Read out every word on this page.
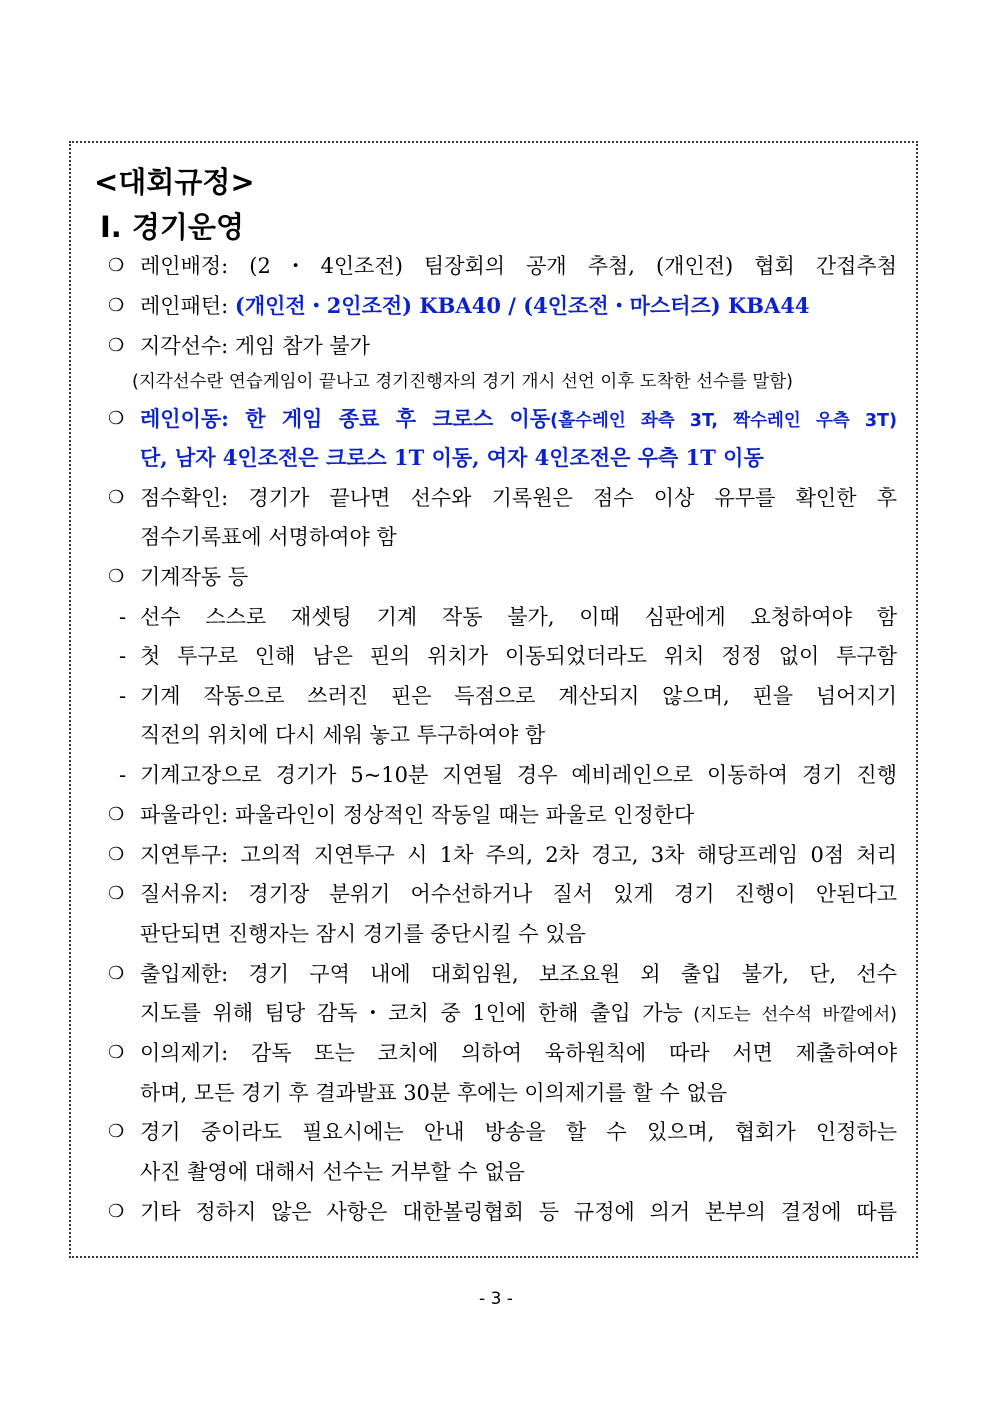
<대회규정>
Ⅰ. 경기운영
❍ 레인배정: (2・4인조전) 팀장회의 공개 추첨, (개인전) 협회 간접추첨
❍ 레인패턴: (개인전・2인조전) KBA40 / (4인조전・마스터즈) KBA44
❍ 지각선수: 게임 참가 불가
(지각선수란 연습게임이 끝나고 경기진행자의 경기 개시 선언 이후 도착한 선수를 말함)
❍ 레인이동: 한 게임 종료 후 크로스 이동(홀수레인 좌측 3T, 짝수레인 우측 3T)
단, 남자 4인조전은 크로스 1T 이동, 여자 4인조전은 우측 1T 이동
❍ 점수확인: 경기가 끝나면 선수와 기록원은 점수 이상 유무를 확인한 후
점수기록표에 서명하여야 함
❍ 기계작동 등
- 선수 스스로 재셋팅 기계 작동 불가, 이때 심판에게 요청하여야 함
- 첫 투구로 인해 남은 핀의 위치가 이동되었더라도 위치 정정 없이 투구함
- 기계 작동으로 쓰러진 핀은 득점으로 계산되지 않으며, 핀을 넘어지기
직전의 위치에 다시 세워 놓고 투구하여야 함
- 기계고장으로 경기가 5~10분 지연될 경우 예비레인으로 이동하여 경기 진행
❍ 파울라인: 파울라인이 정상적인 작동일 때는 파울로 인정한다
❍ 지연투구: 고의적 지연투구 시 1차 주의, 2차 경고, 3차 해당프레임 0점 처리
❍ 질서유지: 경기장 분위기 어수선하거나 질서 있게 경기 진행이 안된다고
판단되면 진행자는 잠시 경기를 중단시킬 수 있음
❍ 출입제한: 경기 구역 내에 대회임원, 보조요원 외 출입 불가, 단, 선수
지도를 위해 팀당 감독・코치 중 1인에 한해 출입 가능 (지도는 선수석 바깥에서)
❍ 이의제기: 감독 또는 코치에 의하여 육하원칙에 따라 서면 제출하여야
하며, 모든 경기 후 결과발표 30분 후에는 이의제기를 할 수 없음
❍ 경기 중이라도 필요시에는 안내 방송을 할 수 있으며, 협회가 인정하는
사진 촬영에 대해서 선수는 거부할 수 없음
❍ 기타 정하지 않은 사항은 대한볼링협회 등 규정에 의거 본부의 결정에 따름
- 3 -
